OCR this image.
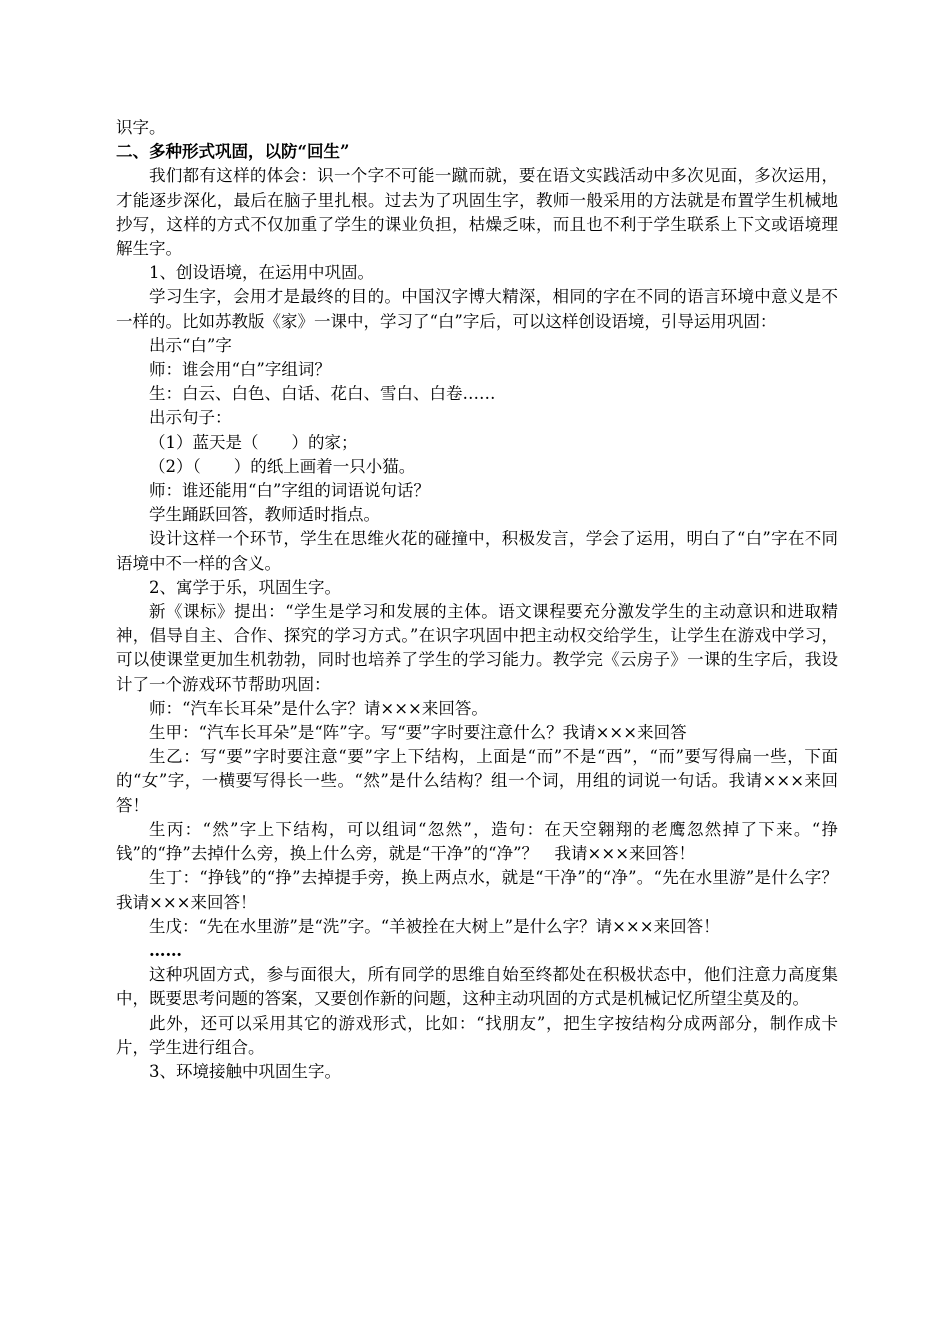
识字。

二、多种形式巩固，以防“回生”

我们都有这样的体会：识一个字不可能一蹴而就，要在语文实践活动中多次见面，多次运用，才能逐步深化，最后在脑子里扎根。过去为了巩固生字，教师一般采用的方法就是布置学生机械地抄写，这样的方式不仅加重了学生的课业负担，枯燥乏味，而且也不利于学生联系上下文或语境理解生字。

1、创设语境，在运用中巩固。

学习生字，会用才是最终的目的。中国汉字博大精深，相同的字在不同的语言环境中意义是不一样的。比如苏教版《家》一课中，学习了“白”字后，可以这样创设语境，引导运用巩固：

出示“白”字

师：谁会用“白”字组词？

生：白云、白色、白话、花白、雪白、白卷……

出示句子：

（1）蓝天是（　　）的家；

（2）（　　）的纸上画着一只小猫。

师：谁还能用“白”字组的词语说句话？

学生踊跃回答，教师适时指点。

设计这样一个环节，学生在思维火花的碰撞中，积极发言，学会了运用，明白了“白”字在不同语境中不一样的含义。

2、寓学于乐，巩固生字。

新《课标》提出：“学生是学习和发展的主体。语文课程要充分激发学生的主动意识和进取精神，倡导自主、合作、探究的学习方式。”在识字巩固中把主动权交给学生，让学生在游戏中学习，可以使课堂更加生机勃勃，同时也培养了学生的学习能力。教学完《云房子》一课的生字后，我设计了一个游戏环节帮助巩固：

师：“汽车长耳朵”是什么字？请×××来回答。

生甲：“汽车长耳朵”是“阵”字。写“要”字时要注意什么？我请×××来回答

生乙：写“要”字时要注意“要”字上下结构，上面是“而”不是“西”，“而”要写得扁一些，下面的“女”字，一横要写得长一些。“然”是什么结构？组一个词，用组的词说一句话。我请×××来回答！

生丙：“然”字上下结构，可以组词“忽然”，造句：在天空翱翔的老鹰忽然掉了下来。“挣钱”的“挣”去掉什么旁，换上什么旁，就是“干净”的“净”？　我请×××来回答！

生丁：“挣钱”的“挣”去掉提手旁，换上两点水，就是“干净”的“净”。“先在水里游”是什么字？我请×××来回答！

生戊：“先在水里游”是“洗”字。“羊被拴在大树上”是什么字？请×××来回答！

……

这种巩固方式，参与面很大，所有同学的思维自始至终都处在积极状态中，他们注意力高度集中，既要思考问题的答案，又要创作新的问题，这种主动巩固的方式是机械记忆所望尘莫及的。

此外，还可以采用其它的游戏形式，比如：“找朋友”，把生字按结构分成两部分，制作成卡片，学生进行组合。

3、环境接触中巩固生字。
